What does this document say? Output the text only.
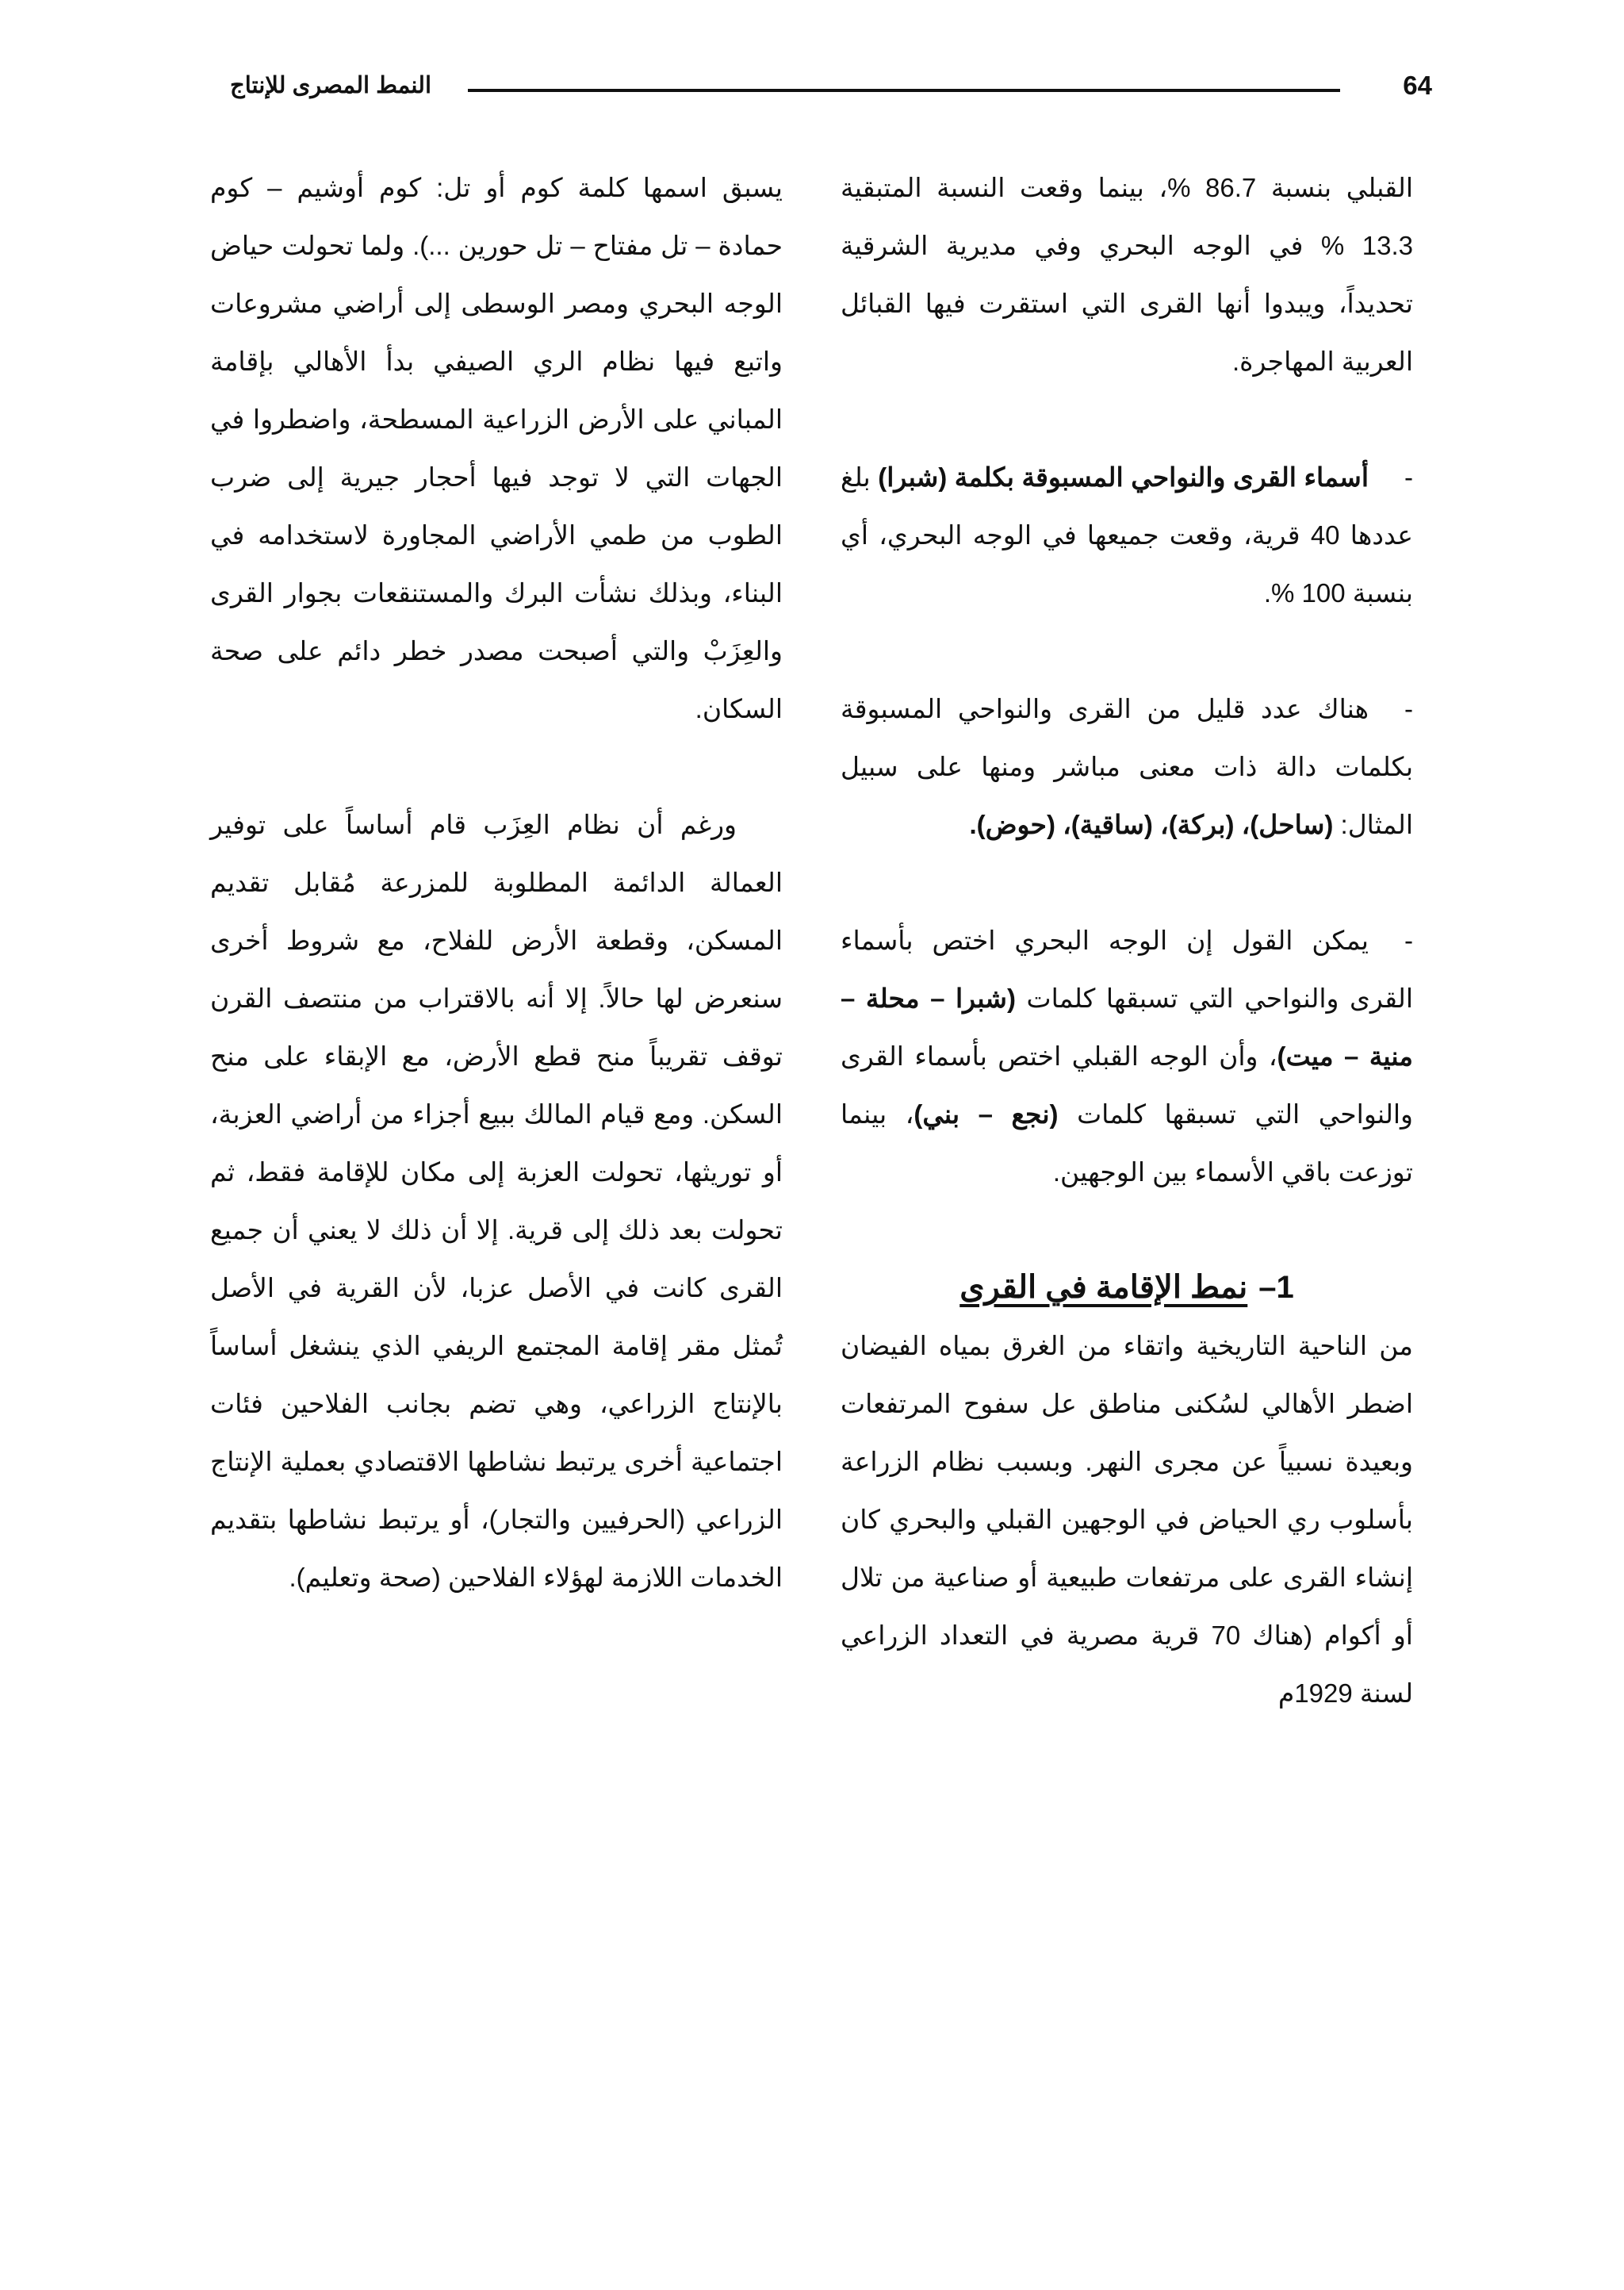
64
النمط المصرى للإنتاج

القبلي بنسبة 86.7 %، بينما وقعت النسبة المتبقية 13.3 % في الوجه البحري وفي مديرية الشرقية تحديداً، ويبدوا أنها القرى التي استقرت فيها القبائل العربية المهاجرة.

-أسماء القرى والنواحي المسبوقة بكلمة (شبرا) بلغ عددها 40 قرية، وقعت جميعها في الوجه البحري، أي بنسبة 100 %.

-هناك عدد قليل من القرى والنواحي المسبوقة بكلمات دالة ذات معنى مباشر ومنها على سبيل المثال: (ساحل)، (بركة)، (ساقية)، (حوض).

-يمكن القول إن الوجه البحري اختص بأسماء القرى والنواحي التي تسبقها كلمات (شبرا – محلة – منية – ميت)، وأن الوجه القبلي اختص بأسماء القرى والنواحي التي تسبقها كلمات (نجع – بني)، بينما توزعت باقي الأسماء بين الوجهين.

1–نمط الإقامة في القرى

من الناحية التاريخية واتقاء من الغرق بمياه الفيضان اضطر الأهالي لسُكنى مناطق عل سفوح المرتفعات وبعيدة نسبياً عن مجرى النهر. وبسبب نظام الزراعة بأسلوب ري الحياض في الوجهين القبلي والبحري كان إنشاء القرى على مرتفعات طبيعية أو صناعية من تلال أو أكوام (هناك 70 قرية مصرية في التعداد الزراعي لسنة 1929م

يسبق اسمها كلمة كوم أو تل: كوم أوشيم – كوم حمادة – تل مفتاح – تل حورين ...). ولما تحولت حياض الوجه البحري ومصر الوسطى إلى أراضي مشروعات واتبع فيها نظام الري الصيفي بدأ الأهالي بإقامة المباني على الأرض الزراعية المسطحة، واضطروا في الجهات التي لا توجد فيها أحجار جيرية إلى ضرب الطوب من طمي الأراضي المجاورة لاستخدامه في البناء، وبذلك نشأت البرك والمستنقعات بجوار القرى والعِزَبْ والتي أصبحت مصدر خطر دائم على صحة السكان.

ورغم أن نظام العِزَب قام أساساً على توفير العمالة الدائمة المطلوبة للمزرعة مُقابل تقديم المسكن، وقطعة الأرض للفلاح، مع شروط أخرى سنعرض لها حالاً. إلا أنه بالاقتراب من منتصف القرن توقف تقريباً منح قطع الأرض، مع الإبقاء على منح السكن. ومع قيام المالك ببيع أجزاء من أراضي العزبة، أو توريثها، تحولت العزبة إلى مكان للإقامة فقط، ثم تحولت بعد ذلك إلى قرية. إلا أن ذلك لا يعني أن جميع القرى كانت في الأصل عزبا، لأن القرية في الأصل تُمثل مقر إقامة المجتمع الريفي الذي ينشغل أساساً بالإنتاج الزراعي، وهي تضم بجانب الفلاحين فئات اجتماعية أخرى يرتبط نشاطها الاقتصادي بعملية الإنتاج الزراعي (الحرفيين والتجار)، أو يرتبط نشاطها بتقديم الخدمات اللازمة لهؤلاء الفلاحين (صحة وتعليم).
